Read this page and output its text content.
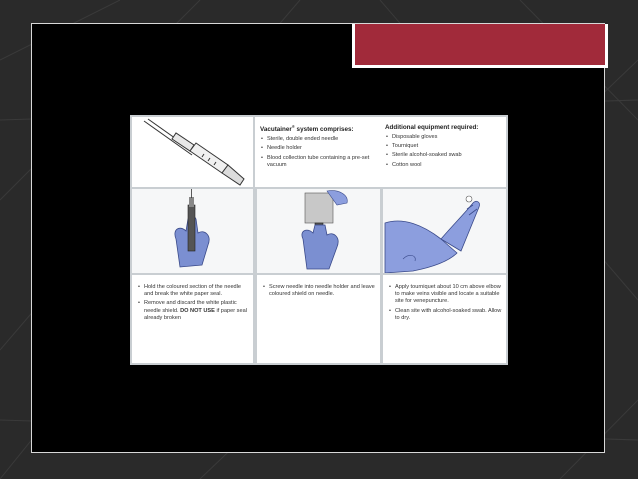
Vacutainer® system comprises:
• Sterile, double ended needle
• Needle holder
• Blood collection tube containing a pre-set vacuum
Additional equipment required:
• Disposable gloves
• Tourniquet
• Sterile alcohol-soaked swab
• Cotton wool
• Hold the coloured section of the needle and break the white paper seal.
• Remove and discard the white plastic needle shield. DO NOT USE if paper seal already broken
• Screw needle into needle holder and leave coloured shield on needle.
• Apply tourniquet about 10 cm above elbow to make veins visible and locate a suitable site for venepuncture.
• Clean site with alcohol-soaked swab. Allow to dry.
